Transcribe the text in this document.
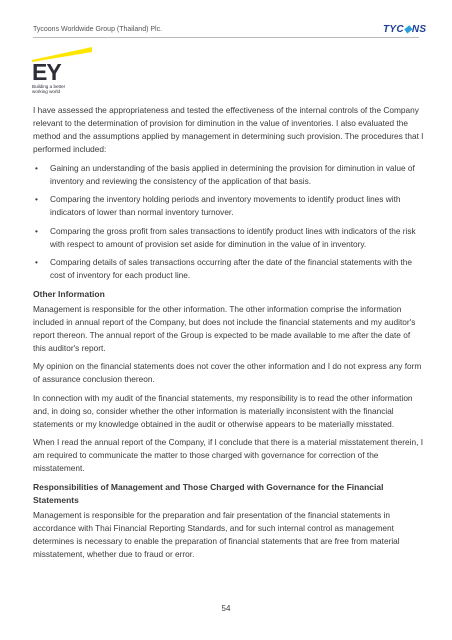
Tycoons Worldwide Group (Thailand) Plc.	TYC◆NS
EY
Building a better
working world

I have assessed the appropriateness and tested the effectiveness of the internal controls of the Company relevant to the determination of provision for diminution in the value of inventories. I also evaluated the method and the assumptions applied by management in determining such provision. The procedures that I performed included:

• Gaining an understanding of the basis applied in determining the provision for diminution in value of inventory and reviewing the consistency of the application of that basis.
• Comparing the inventory holding periods and inventory movements to identify product lines with indicators of lower than normal inventory turnover.
• Comparing the gross profit from sales transactions to identify product lines with indicators of the risk with respect to amount of provision set aside for diminution in the value of in inventory.
• Comparing details of sales transactions occurring after the date of the financial statements with the cost of inventory for each product line.
Other Information

Management is responsible for the other information. The other information comprise the information included in annual report of the Company, but does not include the financial statements and my auditor's report thereon. The annual report of the Group is expected to be made available to me after the date of this auditor's report.

My opinion on the financial statements does not cover the other information and I do not express any form of assurance conclusion thereon.

In connection with my audit of the financial statements, my responsibility is to read the other information and, in doing so, consider whether the other information is materially inconsistent with the financial statements or my knowledge obtained in the audit or otherwise appears to be materially misstated.

When I read the annual report of the Company, if I conclude that there is a material misstatement therein, I am required to communicate the matter to those charged with governance for correction of the misstatement.

Responsibilities of Management and Those Charged with Governance for the Financial Statements

Management is responsible for the preparation and fair presentation of the financial statements in accordance with Thai Financial Reporting Standards, and for such internal control as management determines is necessary to enable the preparation of financial statements that are free from material misstatement, whether due to fraud or error.

54
